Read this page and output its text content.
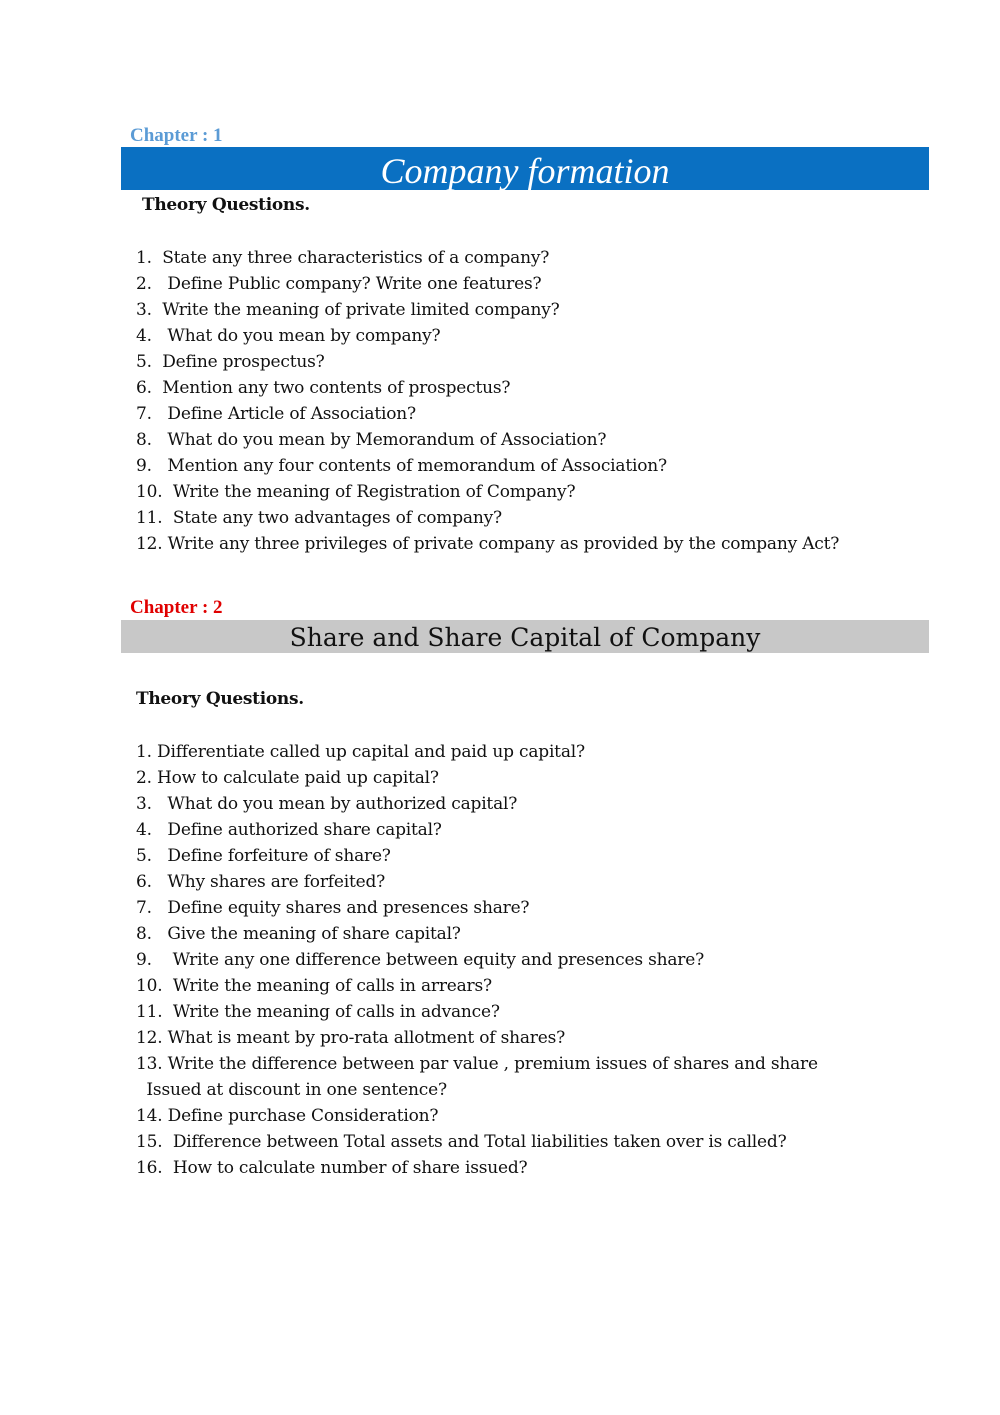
Chapter : 1
Company formation
Theory Questions.
1.  State any three characteristics of a company?
2.   Define Public company? Write one features?
3.  Write the meaning of private limited company?
4.   What do you mean by company?
5.  Define prospectus?
6.  Mention any two contents of prospectus?
7.   Define Article of Association?
8.   What do you mean by Memorandum of Association?
9.   Mention any four contents of memorandum of Association?
10.  Write the meaning of Registration of Company?
11.  State any two advantages of company?
12. Write any three privileges of private company as provided by the company Act?
Chapter : 2
Share and Share Capital of Company
Theory Questions.
1. Differentiate called up capital and paid up capital?
2. How to calculate paid up capital?
3.   What do you mean by authorized capital?
4.   Define authorized share capital?
5.   Define forfeiture of share?
6.   Why shares are forfeited?
7.   Define equity shares and presences share?
8.   Give the meaning of share capital?
9.    Write any one difference between equity and presences share?
10.  Write the meaning of calls in arrears?
11.  Write the meaning of calls in advance?
12. What is meant by pro-rata allotment of shares?
13. Write the difference between par value , premium issues of shares and share
Issued at discount in one sentence?
14. Define purchase Consideration?
15.  Difference between Total assets and Total liabilities taken over is called?
16.  How to calculate number of share issued?
